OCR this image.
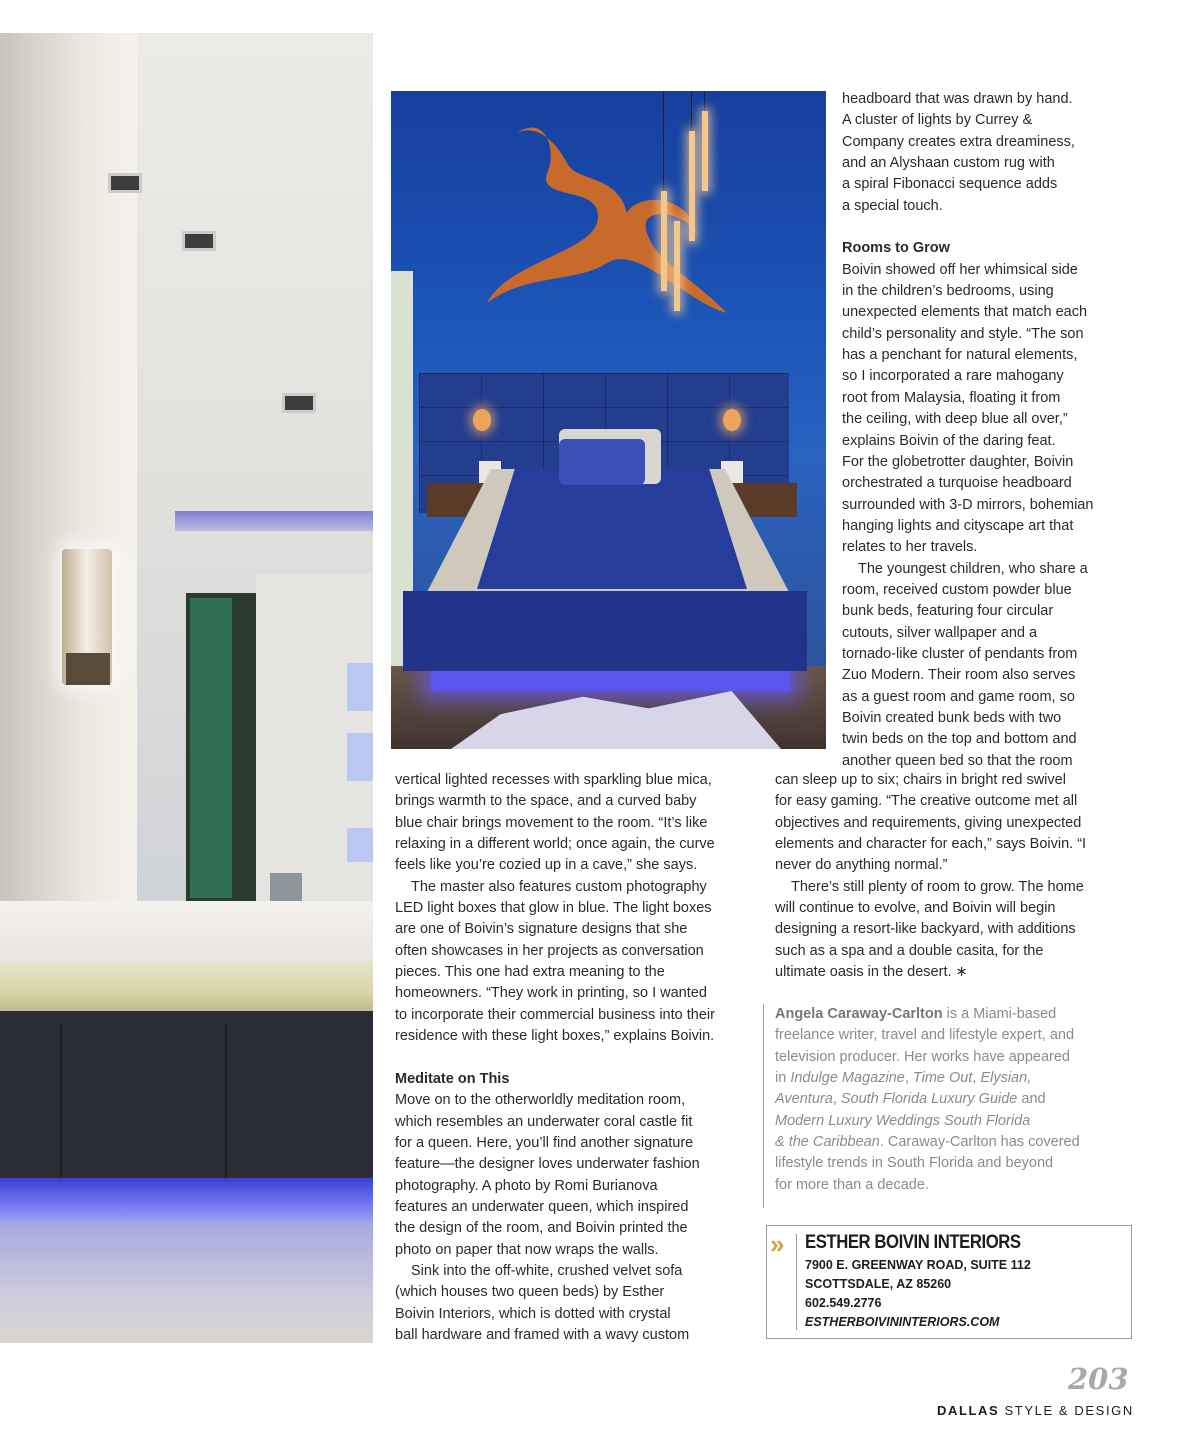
headboard that was drawn by hand.
A cluster of lights by Currey &
Company creates extra dreaminess,
and an Alyshaan custom rug with
a spiral Fibonacci sequence adds
a special touch.

Rooms to Grow

Boivin showed off her whimsical side
in the children’s bedrooms, using
unexpected elements that match each
child’s personality and style. “The son
has a penchant for natural elements,
so I incorporated a rare mahogany
root from Malaysia, floating it from
the ceiling, with deep blue all over,”
explains Boivin of the daring feat.
For the globetrotter daughter, Boivin
orchestrated a turquoise headboard
surrounded with 3-D mirrors, bohemian
hanging lights and cityscape art that
relates to her travels.

The youngest children, who share a
room, received custom powder blue
bunk beds, featuring four circular
cutouts, silver wallpaper and a
tornado-like cluster of pendants from
Zuo Modern. Their room also serves
as a guest room and game room, so
Boivin created bunk beds with two
twin beds on the top and bottom and
another queen bed so that the room

vertical lighted recesses with sparkling blue mica,
brings warmth to the space, and a curved baby
blue chair brings movement to the room. “It’s like
relaxing in a different world; once again, the curve
feels like you’re cozied up in a cave,” she says.

The master also features custom photography
LED light boxes that glow in blue. The light boxes
are one of Boivin’s signature designs that she
often showcases in her projects as conversation
pieces. This one had extra meaning to the
homeowners. “They work in printing, so I wanted
to incorporate their commercial business into their
residence with these light boxes,” explains Boivin.

Meditate on This

Move on to the otherworldly meditation room,
which resembles an underwater coral castle fit
for a queen. Here, you’ll find another signature
feature—the designer loves underwater fashion
photography. A photo by Romi Burianova
features an underwater queen, which inspired
the design of the room, and Boivin printed the
photo on paper that now wraps the walls.

Sink into the off-white, crushed velvet sofa
(which houses two queen beds) by Esther
Boivin Interiors, which is dotted with crystal
ball hardware and framed with a wavy custom

can sleep up to six; chairs in bright red swivel
for easy gaming. “The creative outcome met all
objectives and requirements, giving unexpected
elements and character for each,” says Boivin. “I
never do anything normal.”

There’s still plenty of room to grow. The home
will continue to evolve, and Boivin will begin
designing a resort-like backyard, with additions
such as a spa and a double casita, for the
ultimate oasis in the desert. ∗

Angela Caraway-Carlton is a Miami-based
freelance writer, travel and lifestyle expert, and
television producer. Her works have appeared
in Indulge Magazine, Time Out, Elysian,
Aventura, South Florida Luxury Guide and
Modern Luxury Weddings South Florida
& the Caribbean. Caraway-Carlton has covered
lifestyle trends in South Florida and beyond
for more than a decade.
» ESTHER BOIVIN INTERIORS
7900 E. GREENWAY ROAD, SUITE 112
SCOTTSDALE, AZ 85260
602.549.2776
ESTHERBOIVININTERIORS.COM
203
DALLAS STYLE & DESIGN
